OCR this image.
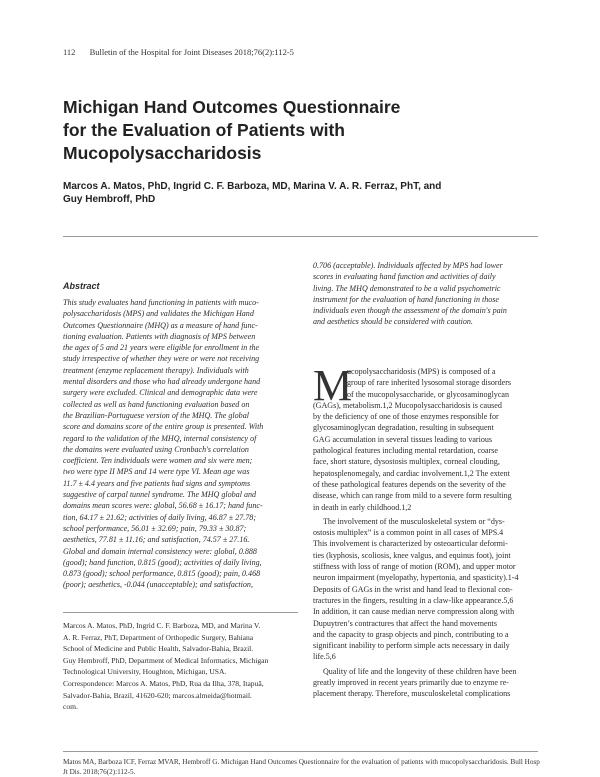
112 Bulletin of the Hospital for Joint Diseases 2018;76(2):112-5
Michigan Hand Outcomes Questionnaire
for the Evaluation of Patients with
Mucopolysaccharidosis
Marcos A. Matos, PhD, Ingrid C. F. Barboza, MD, Marina V. A. R. Ferraz, PhT, and
Guy Hembroff, PhD
Abstract
This study evaluates hand functioning in patients with muco-
polysaccharidosis (MPS) and validates the Michigan Hand
Outcomes Questionnaire (MHQ) as a measure of hand func-
tioning evaluation. Patients with diagnosis of MPS between
the ages of 5 and 21 years were eligible for enrollment in the
study irrespective of whether they were or were not receiving
treatment (enzyme replacement therapy). Individuals with
mental disorders and those who had already undergone hand
surgery were excluded. Clinical and demographic data were
collected as well as hand functioning evaluation based on
the Brazilian-Portuguese version of the MHQ. The global
score and domains score of the entire group is presented. With
regard to the validation of the MHQ, internal consistency of
the domains were evaluated using Cronbach's correlation
coefficient. Ten individuals were women and six were men;
two were type II MPS and 14 were type VI. Mean age was
11.7 ± 4.4 years and five patients had signs and symptoms
suggestive of carpal tunnel syndrome. The MHQ global and
domains mean scores were: global, 56.68 ± 16.17; hand func-
tion, 64.17 ± 21.62; activities of daily living, 46.87 ± 27.78;
school performance, 56.01 ± 32.69; pain, 79.33 ± 30.87;
aesthetics, 77.81 ± 11.16; and satisfaction, 74.57 ± 27.16.
Global and domain internal consistency were: global, 0.888
(good); hand function, 0.815 (good); activities of daily living,
0.873 (good); school performance, 0.815 (good); pain, 0.468
(poor); aesthetics, -0.044 (unacceptable); and satisfaction,
0.706 (acceptable). Individuals affected by MPS had lower
scores in evaluating hand function and activities of daily
living. The MHQ demonstrated to be a valid psychometric
instrument for the evaluation of hand functioning in those
individuals even though the assessment of the domain's pain
and aesthetics should be considered with caution.
Marcos A. Matos, PhD, Ingrid C. F. Barboza, MD, and Marina V.
A. R. Ferraz, PhT, Department of Orthopedic Surgery, Bahiana
School of Medicine and Public Health, Salvador-Bahia, Brazil.
Guy Hembroff, PhD, Department of Medical Informatics, Michigan
Technological University, Houghton, Michigan, USA.
Correspondence: Marcos A. Matos, PhD, Rua da Ilha, 378, Itapuã,
Salvador-Bahia, Brazil, 41620-620; marcos.almeida@hotmail.
com.
M
ucopolysaccharidosis (MPS) is composed of a
group of rare inherited lysosomal storage disorders
of the mucopolysaccharide, or glycosaminoglycan
(GAGs), metabolism.1,2 Mucopolysaccharidosis is caused
by the deficiency of one of those enzymes responsible for
glycosaminoglycan degradation, resulting in subsequent
GAG accumulation in several tissues leading to various
pathological features including mental retardation, coarse
face, short stature, dysostosis multiplex, corneal clouding,
hepatosplenomegaly, and cardiac involvement.1,2 The extent
of these pathological features depends on the severity of the
disease, which can range from mild to a severe form resulting
in death in early childhood.1,2
The involvement of the musculoskeletal system or “dys-
ostosis multiplex” is a common point in all cases of MPS.4
This involvement is characterized by osteoarticular deformi-
ties (kyphosis, scoliosis, knee valgus, and equinus foot), joint
stiffness with loss of range of motion (ROM), and upper motor
neuron impairment (myelopathy, hypertonia, and spasticity).1-4
Deposits of GAGs in the wrist and hand lead to flexional con-
tractures in the fingers, resulting in a claw-like appearance.5,6
In addition, it can cause median nerve compression along with
Dupuytren’s contractures that affect the hand movements
and the capacity to grasp objects and pinch, contributing to a
significant inability to perform simple acts necessary in daily
life.5,6
Quality of life and the longevity of these children have been
greatly improved in recent years primarily due to enzyme re-
placement therapy. Therefore, musculoskeletal complications
Matos MA, Barboza ICF, Ferraz MVAR, Hembroff G. Michigan Hand Outcomes Questionnaire for the evaluation of patients with mucopolysaccharidosis. Bull Hosp Jt Dis. 2018;76(2):112-5.
